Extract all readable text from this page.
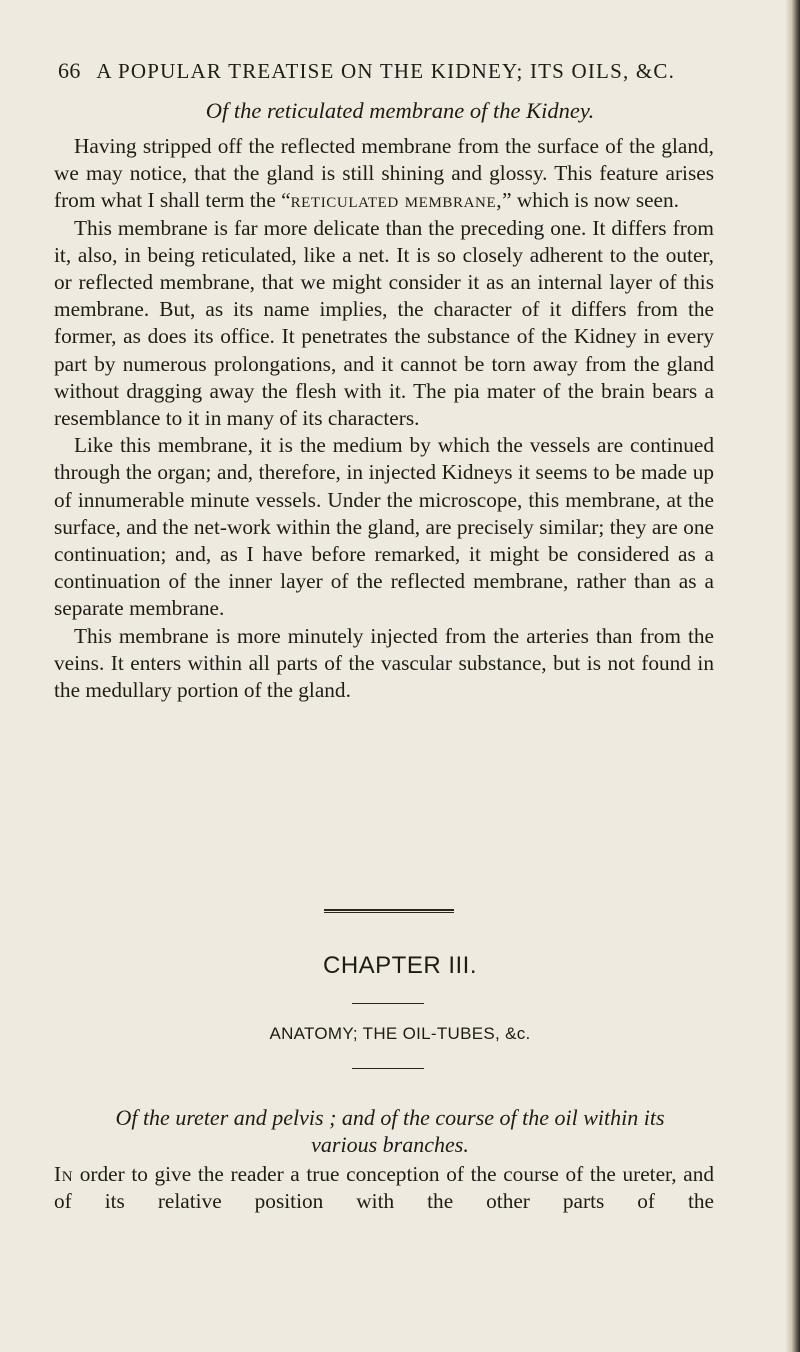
66 A POPULAR TREATISE ON THE KIDNEY; ITS OILS, &C.
Of the reticulated membrane of the Kidney.

Having stripped off the reflected membrane from the surface of the gland, we may notice, that the gland is still shining and glossy. This feature arises from what I shall term the “reticulated membrane,” which is now seen.

This membrane is far more delicate than the preceding one. It differs from it, also, in being reticulated, like a net. It is so closely adherent to the outer, or reflected membrane, that we might consider it as an internal layer of this membrane. But, as its name implies, the character of it differs from the former, as does its office. It penetrates the substance of the Kidney in every part by numerous prolongations, and it cannot be torn away from the gland without dragging away the flesh with it. The pia mater of the brain bears a resemblance to it in many of its characters.

Like this membrane, it is the medium by which the vessels are continued through the organ; and, therefore, in injected Kidneys it seems to be made up of innumerable minute vessels. Under the microscope, this membrane, at the surface, and the net-work within the gland, are precisely similar; they are one continuation; and, as I have before remarked, it might be considered as a continuation of the inner layer of the reflected membrane, rather than as a separate membrane.

This membrane is more minutely injected from the arteries than from the veins. It enters within all parts of the vascular substance, but is not found in the medullary portion of the gland.

CHAPTER III.
ANATOMY; THE OIL-TUBES, &c.
Of the ureter and pelvis ; and of the course of the oil within its
various branches.

In order to give the reader a true conception of the course of the ureter, and of its relative position with the other parts of the
